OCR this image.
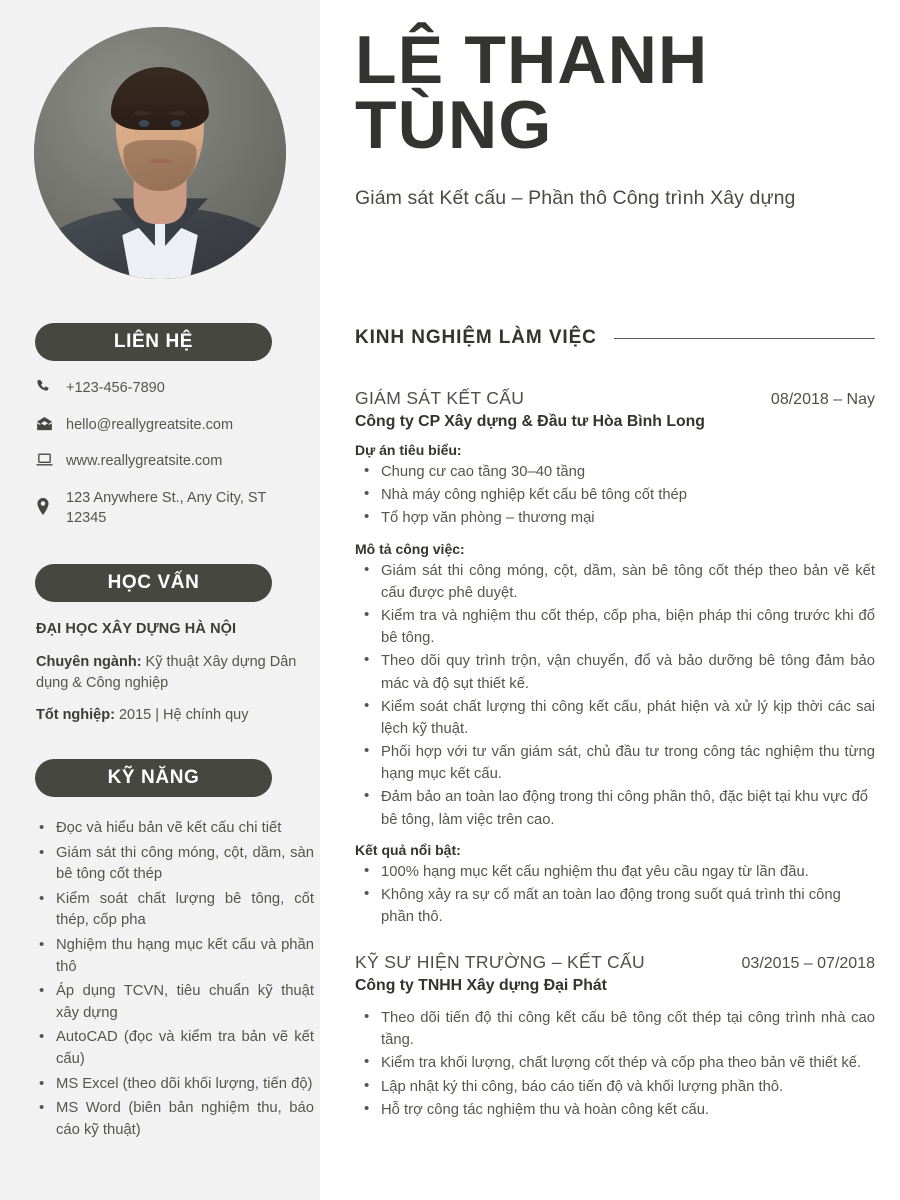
LIÊN HỆ
+123-456-7890
hello@reallygreatsite.com
www.reallygreatsite.com
123 Anywhere St., Any City, ST 12345
HỌC VẤN
ĐẠI HỌC XÂY DỰNG HÀ NỘI
Chuyên ngành: Kỹ thuật Xây dựng Dân dụng & Công nghiệp
Tốt nghiệp: 2015 | Hệ chính quy
KỸ NĂNG
• Đọc và hiểu bản vẽ kết cấu chi tiết
• Giám sát thi công móng, cột, dầm, sàn bê tông cốt thép
• Kiểm soát chất lượng bê tông, cốt thép, cốp pha
• Nghiệm thu hạng mục kết cấu và phần thô
• Áp dụng TCVN, tiêu chuẩn kỹ thuật xây dựng
• AutoCAD (đọc và kiểm tra bản vẽ kết cấu)
• MS Excel (theo dõi khối lượng, tiến độ)
• MS Word (biên bản nghiệm thu, báo cáo kỹ thuật)
LÊ THANH
TÙNG
Giám sát Kết cấu – Phần thô Công trình Xây dựng
KINH NGHIỆM LÀM VIỆC
GIÁM SÁT KẾT CẤU	08/2018 – Nay
Công ty CP Xây dựng & Đầu tư Hòa Bình Long
Dự án tiêu biểu:
• Chung cư cao tầng 30–40 tầng
• Nhà máy công nghiệp kết cấu bê tông cốt thép
• Tổ hợp văn phòng – thương mại
Mô tả công việc:
• Giám sát thi công móng, cột, dầm, sàn bê tông cốt thép theo bản vẽ kết cấu được phê duyệt.
• Kiểm tra và nghiệm thu cốt thép, cốp pha, biện pháp thi công trước khi đổ bê tông.
• Theo dõi quy trình trộn, vận chuyển, đổ và bảo dưỡng bê tông đảm bảo mác và độ sụt thiết kế.
• Kiểm soát chất lượng thi công kết cấu, phát hiện và xử lý kịp thời các sai lệch kỹ thuật.
• Phối hợp với tư vấn giám sát, chủ đầu tư trong công tác nghiệm thu từng hạng mục kết cấu.
• Đảm bảo an toàn lao động trong thi công phần thô, đặc biệt tại khu vực đổ bê tông, làm việc trên cao.
Kết quả nổi bật:
• 100% hạng mục kết cấu nghiệm thu đạt yêu cầu ngay từ lần đầu.
• Không xảy ra sự cố mất an toàn lao động trong suốt quá trình thi công phần thô.
KỸ SƯ HIỆN TRƯỜNG – KẾT CẤU	03/2015 – 07/2018
Công ty TNHH Xây dựng Đại Phát
• Theo dõi tiến độ thi công kết cấu bê tông cốt thép tại công trình nhà cao tầng.
• Kiểm tra khối lượng, chất lượng cốt thép và cốp pha theo bản vẽ thiết kế.
• Lập nhật ký thi công, báo cáo tiến độ và khối lượng phần thô.
• Hỗ trợ công tác nghiệm thu và hoàn công kết cấu.
